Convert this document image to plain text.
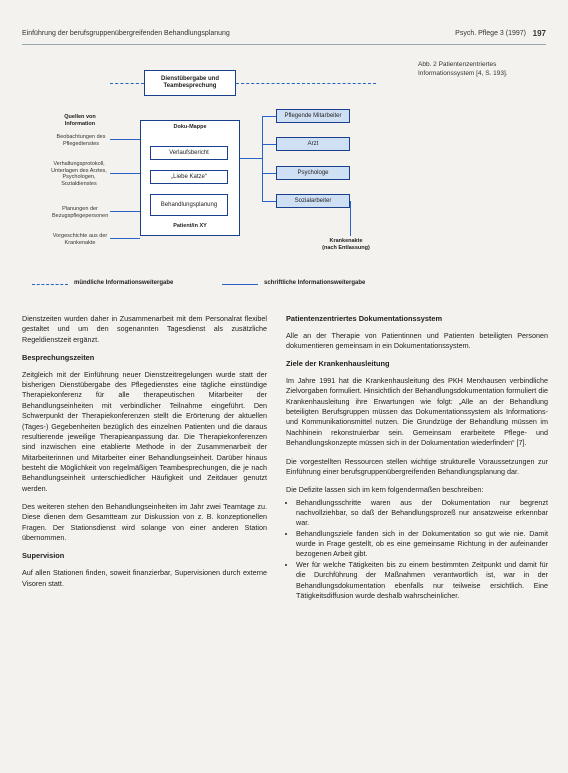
Einführung der berufsgruppenübergreifenden Behandlungsplanung	Psych. Pflege 3 (1997) 197
Dienstübergabe und Teambesprechung
Quellen von Information
Beobachtungen des Pflegedienstes
Verhaltungsprotokoll, Unterlagen des Arztes, Psychologen, Sozialdienstes
Planungen der Bezugspflegepersonen
Vorgeschichte aus der Krankenakte
Doku-Mappe
Verlaufsbericht
„Liebe Katze“
Behandlungsplanung
Patient/in XY
Pflegende Mitarbeiter
Arzt
Psychologe
Sozialarbeiter
Krankenakte (nach Entlassung)
mündliche Informationsweitergabe	schriftliche Informationsweitergabe
Abb. 2 Patientenzentriertes Informationssystem [4, S. 193].

Dienstzeiten wurden daher in Zusammenarbeit mit dem Personalrat flexibel gestaltet und um den sogenannten Tagesdienst als zusätzliche Regeldienstzeit ergänzt.

Besprechungszeiten

Zeitgleich mit der Einführung neuer Dienstzeitregelungen wurde statt der bisherigen Dienstübergabe des Pflegedienstes eine tägliche einstündige Therapiekonferenz für alle therapeutischen Mitarbeiter der Behandlungseinheiten mit verbindlicher Teilnahme eingeführt. Den Schwerpunkt der Therapiekonferenzen stellt die Erörterung der aktuellen (Tages-) Gegebenheiten bezüglich des einzelnen Patienten und die daraus resultierende jeweilige Therapieanpassung dar. Die Therapiekonferenzen sind inzwischen eine etablierte Methode in der Zusammenarbeit der Mitarbeiterinnen und Mitarbeiter einer Behandlungseinheit. Darüber hinaus besteht die Möglichkeit von regelmäßigen Teambesprechungen, die je nach Behandlungseinheit unterschiedlicher Häufigkeit und Zeitdauer genutzt werden.

Des weiteren stehen den Behandlungseinheiten im Jahr zwei Teamtage zu. Diese dienen dem Gesamtteam zur Diskussion von z. B. konzeptionellen Fragen. Der Stationsdienst wird solange von einer anderen Station übernommen.

Supervision

Auf allen Stationen finden, soweit finanzierbar, Supervisionen durch externe Visoren statt.

Patientenzentriertes Dokumentationssystem

Alle an der Therapie von Patientinnen und Patienten beteiligten Personen dokumentieren gemeinsam in ein Dokumentationssystem.

Ziele der Krankenhausleitung

Im Jahre 1991 hat die Krankenhausleitung des PKH Merxhausen verbindliche Zielvorgaben formuliert. Hinsichtlich der Behandlungsdokumentation formuliert die Krankenhausleitung ihre Erwartungen wie folgt: „Alle an der Behandlung beteiligten Berufsgruppen müssen das Dokumentationssystem als Informations- und Kommunikationsmittel nutzen. Die Grundzüge der Behandlung müssen im Nachhinein rekonstruierbar sein. Gemeinsam erarbeitete Pflege- und Behandlungskonzepte müssen sich in der Dokumentation wiederfinden“ [7].

Die vorgestellten Ressourcen stellen wichtige strukturelle Voraussetzungen zur Einführung einer berufsgruppenübergreifenden Behandlungsplanung dar.

Die Defizite lassen sich im kern folgendermaßen beschreiben:

• Behandlungsschritte waren aus der Dokumentation nur begrenzt nachvollziehbar, so daß der Behandlungsprozeß nur ansatzweise erkennbar war.
• Behandlungsziele fanden sich in der Dokumentation so gut wie nie. Damit wurde in Frage gestellt, ob es eine gemeinsame Richtung in der aufeinander bezogenen Arbeit gibt.
• Wer für welche Tätigkeiten bis zu einem bestimmten Zeitpunkt und damit für die Durchführung der Maßnahmen verantwortlich ist, war in der Behandlungsdokumentation ebenfalls nur teilweise ersichtlich. Eine Tätigkeitsdiffusion wurde deshalb wahrscheinlicher.
